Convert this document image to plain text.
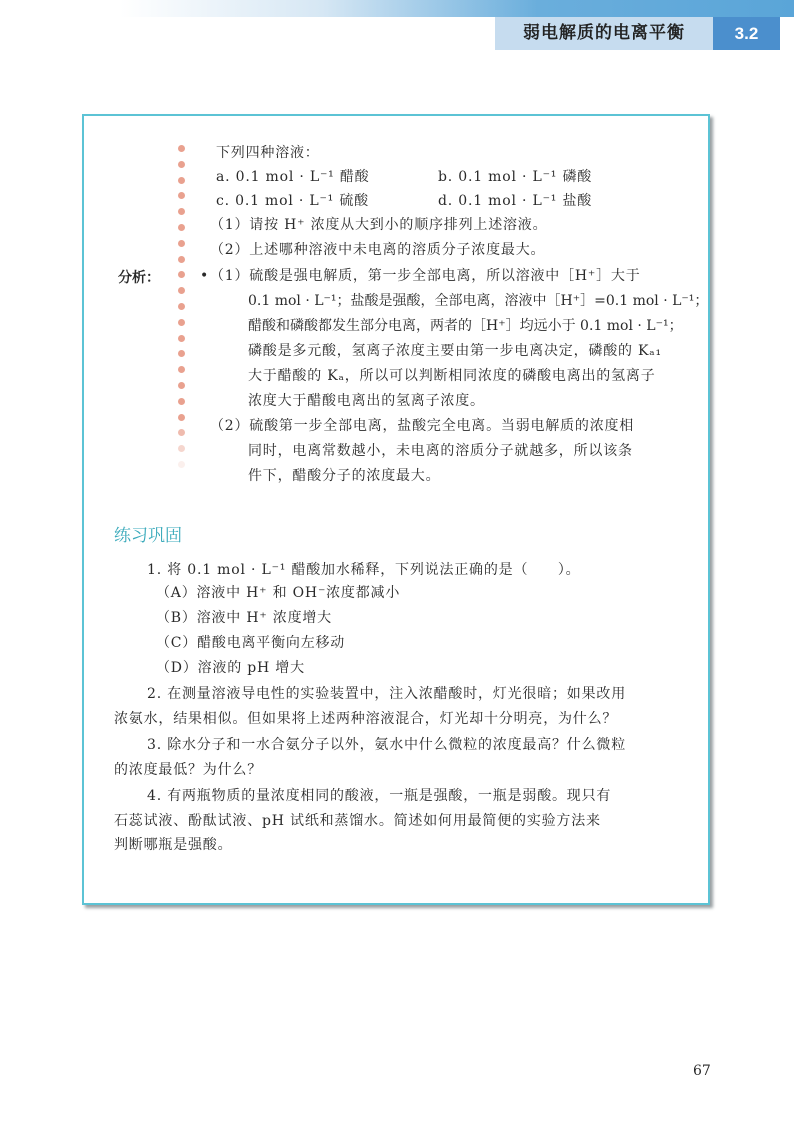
弱电解质的电离平衡	3.2
下列四种溶液：
a. 0.1 mol · L⁻¹ 醋酸	b. 0.1 mol · L⁻¹ 磷酸
c. 0.1 mol · L⁻¹ 硫酸	d. 0.1 mol · L⁻¹ 盐酸
（1）请按 H⁺ 浓度从大到小的顺序排列上述溶液。
（2）上述哪种溶液中未电离的溶质分子浓度最大。
分析：	• （1）硫酸是强电解质，第一步全部电离，所以溶液中［H⁺］大于
0.1 mol · L⁻¹；盐酸是强酸，全部电离，溶液中［H⁺］=0.1 mol · L⁻¹；
醋酸和磷酸都发生部分电离，两者的［H⁺］均远小于 0.1 mol · L⁻¹；
磷酸是多元酸，氢离子浓度主要由第一步电离决定，磷酸的 Kₐ₁
大于醋酸的 Kₐ，所以可以判断相同浓度的磷酸电离出的氢离子
浓度大于醋酸电离出的氢离子浓度。
（2）硫酸第一步全部电离，盐酸完全电离。当弱电解质的浓度相
同时，电离常数越小，未电离的溶质分子就越多，所以该条
件下，醋酸分子的浓度最大。
练习巩固
1. 将 0.1 mol · L⁻¹ 醋酸加水稀释，下列说法正确的是（　　）。
（A）溶液中 H⁺ 和 OH⁻浓度都减小
（B）溶液中 H⁺ 浓度增大
（C）醋酸电离平衡向左移动
（D）溶液的 pH 增大
2. 在测量溶液导电性的实验装置中，注入浓醋酸时，灯光很暗；如果改用
浓氨水，结果相似。但如果将上述两种溶液混合，灯光却十分明亮，为什么？
3. 除水分子和一水合氨分子以外，氨水中什么微粒的浓度最高？什么微粒
的浓度最低？为什么？
4. 有两瓶物质的量浓度相同的酸液，一瓶是强酸，一瓶是弱酸。现只有
石蕊试液、酚酞试液、pH 试纸和蒸馏水。简述如何用最简便的实验方法来
判断哪瓶是强酸。
67
